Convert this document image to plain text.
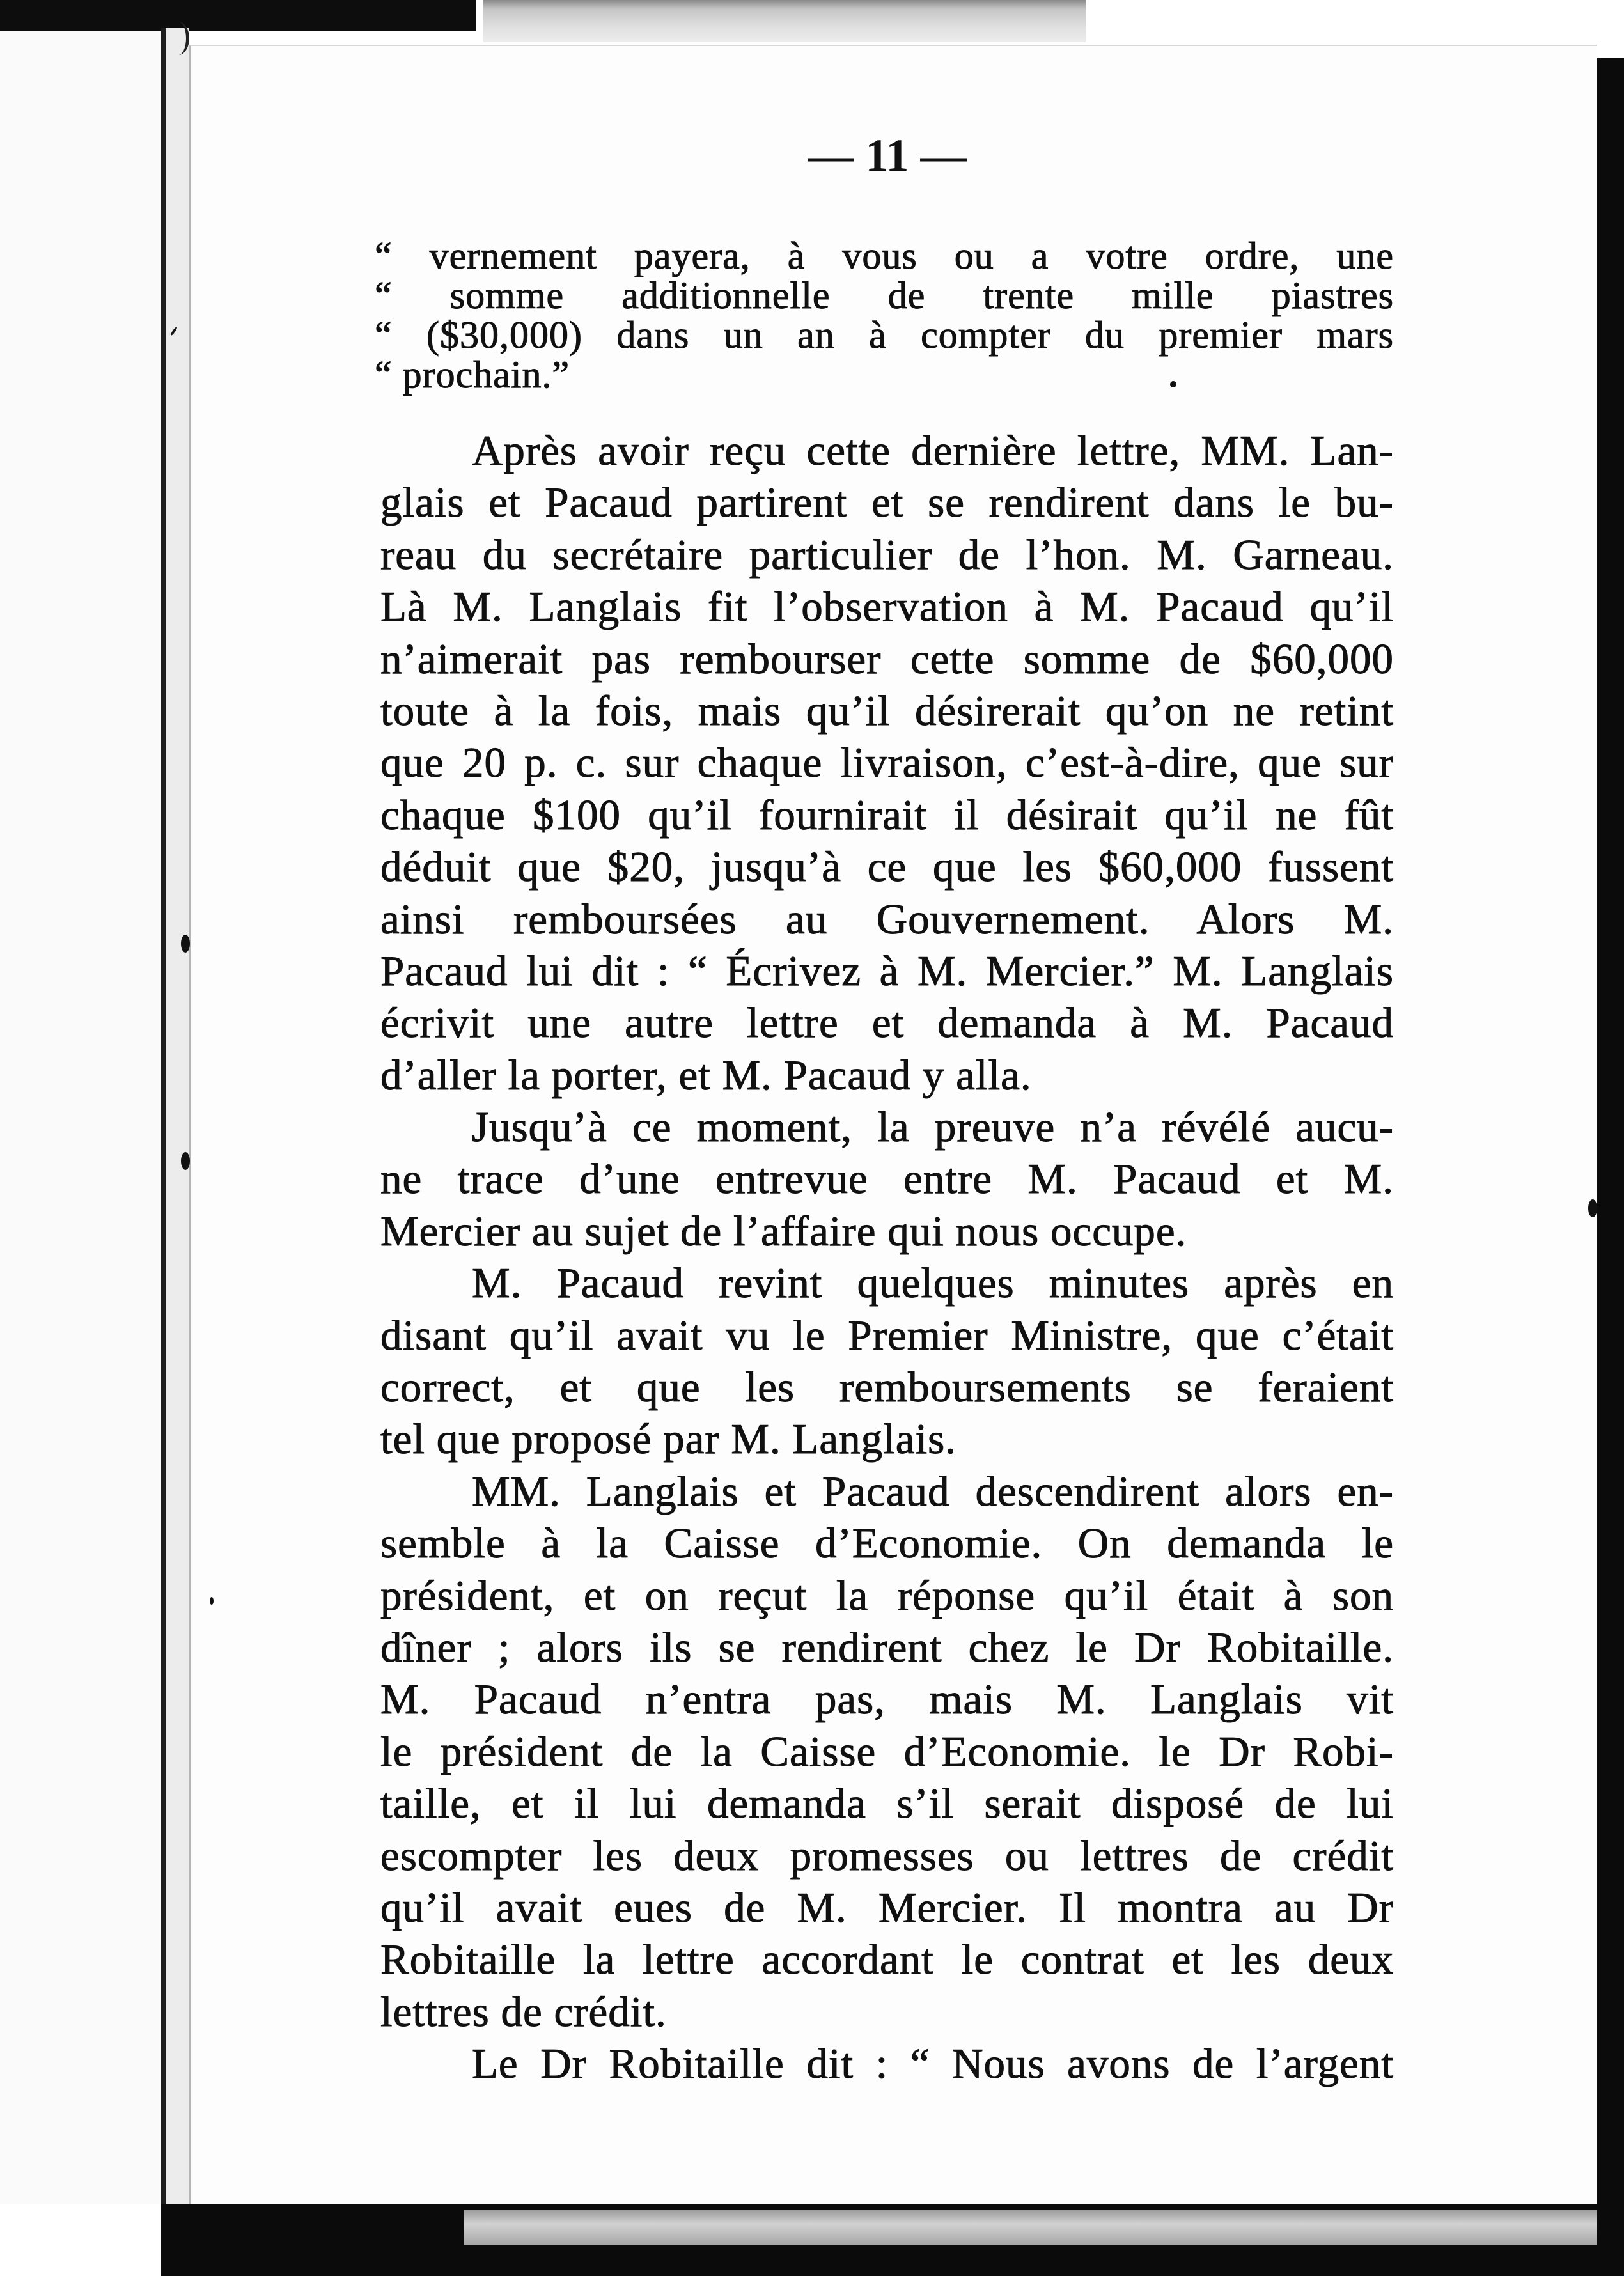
— 11 —
“ vernement payera, à vous ou a votre ordre, une
“ somme additionnelle de trente mille piastres
“ ($30,000) dans un an à compter du premier mars
“ prochain.”
Après avoir reçu cette dernière lettre, MM. Lan-
glais et Pacaud partirent et se rendirent dans le bu-
reau du secrétaire particulier de l’hon. M. Garneau.
Là M. Langlais fit l’observation à M. Pacaud qu’il
n’aimerait pas rembourser cette somme de $60,000
toute à la fois, mais qu’il désirerait qu’on ne retint
que 20 p. c. sur chaque livraison, c’est-à-dire, que sur
chaque $100 qu’il fournirait il désirait qu’il ne fût
déduit que $20, jusqu’à ce que les $60,000 fussent
ainsi remboursées au Gouvernement. Alors M.
Pacaud lui dit : “ Écrivez à M. Mercier.” M. Langlais
écrivit une autre lettre et demanda à M. Pacaud
d’aller la porter, et M. Pacaud y alla.
Jusqu’à ce moment, la preuve n’a révélé aucu-
ne trace d’une entrevue entre M. Pacaud et M.
Mercier au sujet de l’affaire qui nous occupe.
M. Pacaud revint quelques minutes après en
disant qu’il avait vu le Premier Ministre, que c’était
correct, et que les remboursements se feraient
tel que proposé par M. Langlais.
MM. Langlais et Pacaud descendirent alors en-
semble à la Caisse d’Economie. On demanda le
président, et on reçut la réponse qu’il était à son
dîner ; alors ils se rendirent chez le Dr Robitaille.
M. Pacaud n’entra pas, mais M. Langlais vit
le président de la Caisse d’Economie. le Dr Robi-
taille, et il lui demanda s’il serait disposé de lui
escompter les deux promesses ou lettres de crédit
qu’il avait eues de M. Mercier. Il montra au Dr
Robitaille la lettre accordant le contrat et les deux
lettres de crédit.
Le Dr Robitaille dit : “ Nous avons de l’argent
